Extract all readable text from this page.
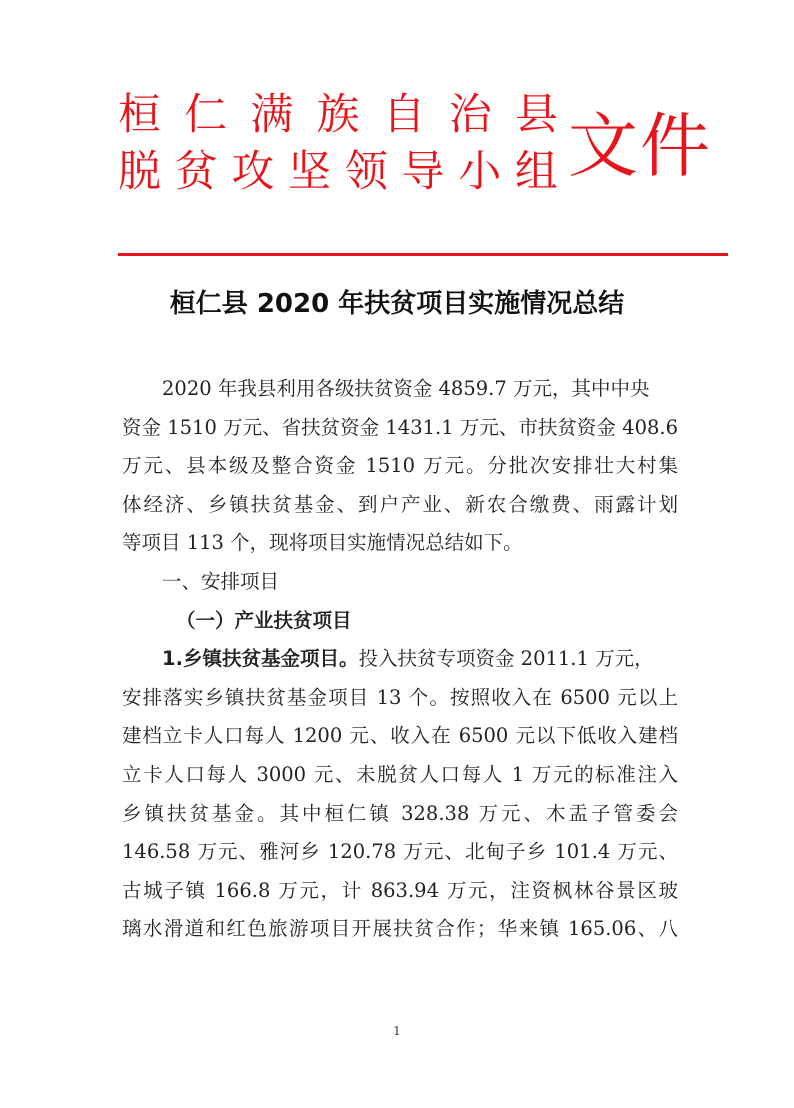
桓 仁 满 族 自 治 县
脱 贫 攻 坚 领 导 小 组 文件
桓仁县 2020 年扶贫项目实施情况总结
2020 年我县利用各级扶贫资金 4859.7 万元，其中中央
资金 1510 万元、省扶贫资金 1431.1 万元、市扶贫资金 408.6
万元、县本级及整合资金 1510 万元。分批次安排壮大村集
体经济、乡镇扶贫基金、到户产业、新农合缴费、雨露计划
等项目 113 个，现将项目实施情况总结如下。
一、安排项目
（一）产业扶贫项目
1.乡镇扶贫基金项目。投入扶贫专项资金 2011.1 万元，
安排落实乡镇扶贫基金项目 13 个。按照收入在 6500 元以上
建档立卡人口每人 1200 元、收入在 6500 元以下低收入建档
立卡人口每人 3000 元、未脱贫人口每人 1 万元的标准注入
乡镇扶贫基金。其中桓仁镇 328.38 万元、木盂子管委会
146.58 万元、雅河乡 120.78 万元、北甸子乡 101.4 万元、
古城子镇 166.8 万元，计 863.94 万元，注资枫林谷景区玻
璃水滑道和红色旅游项目开展扶贫合作；华来镇 165.06、八
1
